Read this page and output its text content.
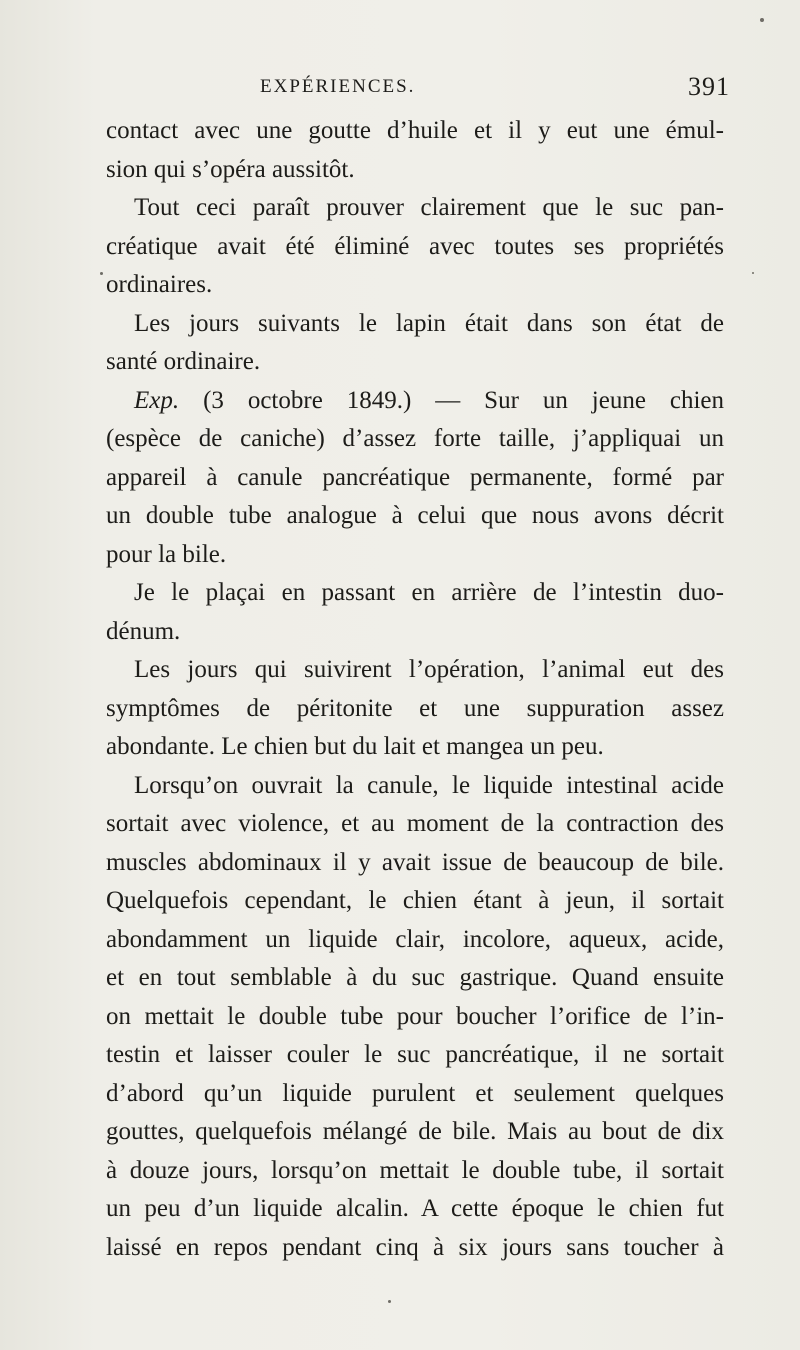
EXPÉRIENCES.	391
contact avec une goutte d’huile et il y eut une émul-
sion qui s’opéra aussitôt.
Tout ceci paraît prouver clairement que le suc pan-
créatique avait été éliminé avec toutes ses propriétés
ordinaires.
Les jours suivants le lapin était dans son état de
santé ordinaire.
Exp. (3 octobre 1849.) — Sur un jeune chien
(espèce de caniche) d’assez forte taille, j’appliquai un
appareil à canule pancréatique permanente, formé par
un double tube analogue à celui que nous avons décrit
pour la bile.
Je le plaçai en passant en arrière de l’intestin duo-
dénum.
Les jours qui suivirent l’opération, l’animal eut des
symptômes de péritonite et une suppuration assez
abondante. Le chien but du lait et mangea un peu.
Lorsqu’on ouvrait la canule, le liquide intestinal acide
sortait avec violence, et au moment de la contraction des
muscles abdominaux il y avait issue de beaucoup de bile.
Quelquefois cependant, le chien étant à jeun, il sortait
abondamment un liquide clair, incolore, aqueux, acide,
et en tout semblable à du suc gastrique. Quand ensuite
on mettait le double tube pour boucher l’orifice de l’in-
testin et laisser couler le suc pancréatique, il ne sortait
d’abord qu’un liquide purulent et seulement quelques
gouttes, quelquefois mélangé de bile. Mais au bout de dix
à douze jours, lorsqu’on mettait le double tube, il sortait
un peu d’un liquide alcalin. A cette époque le chien fut
laissé en repos pendant cinq à six jours sans toucher à
